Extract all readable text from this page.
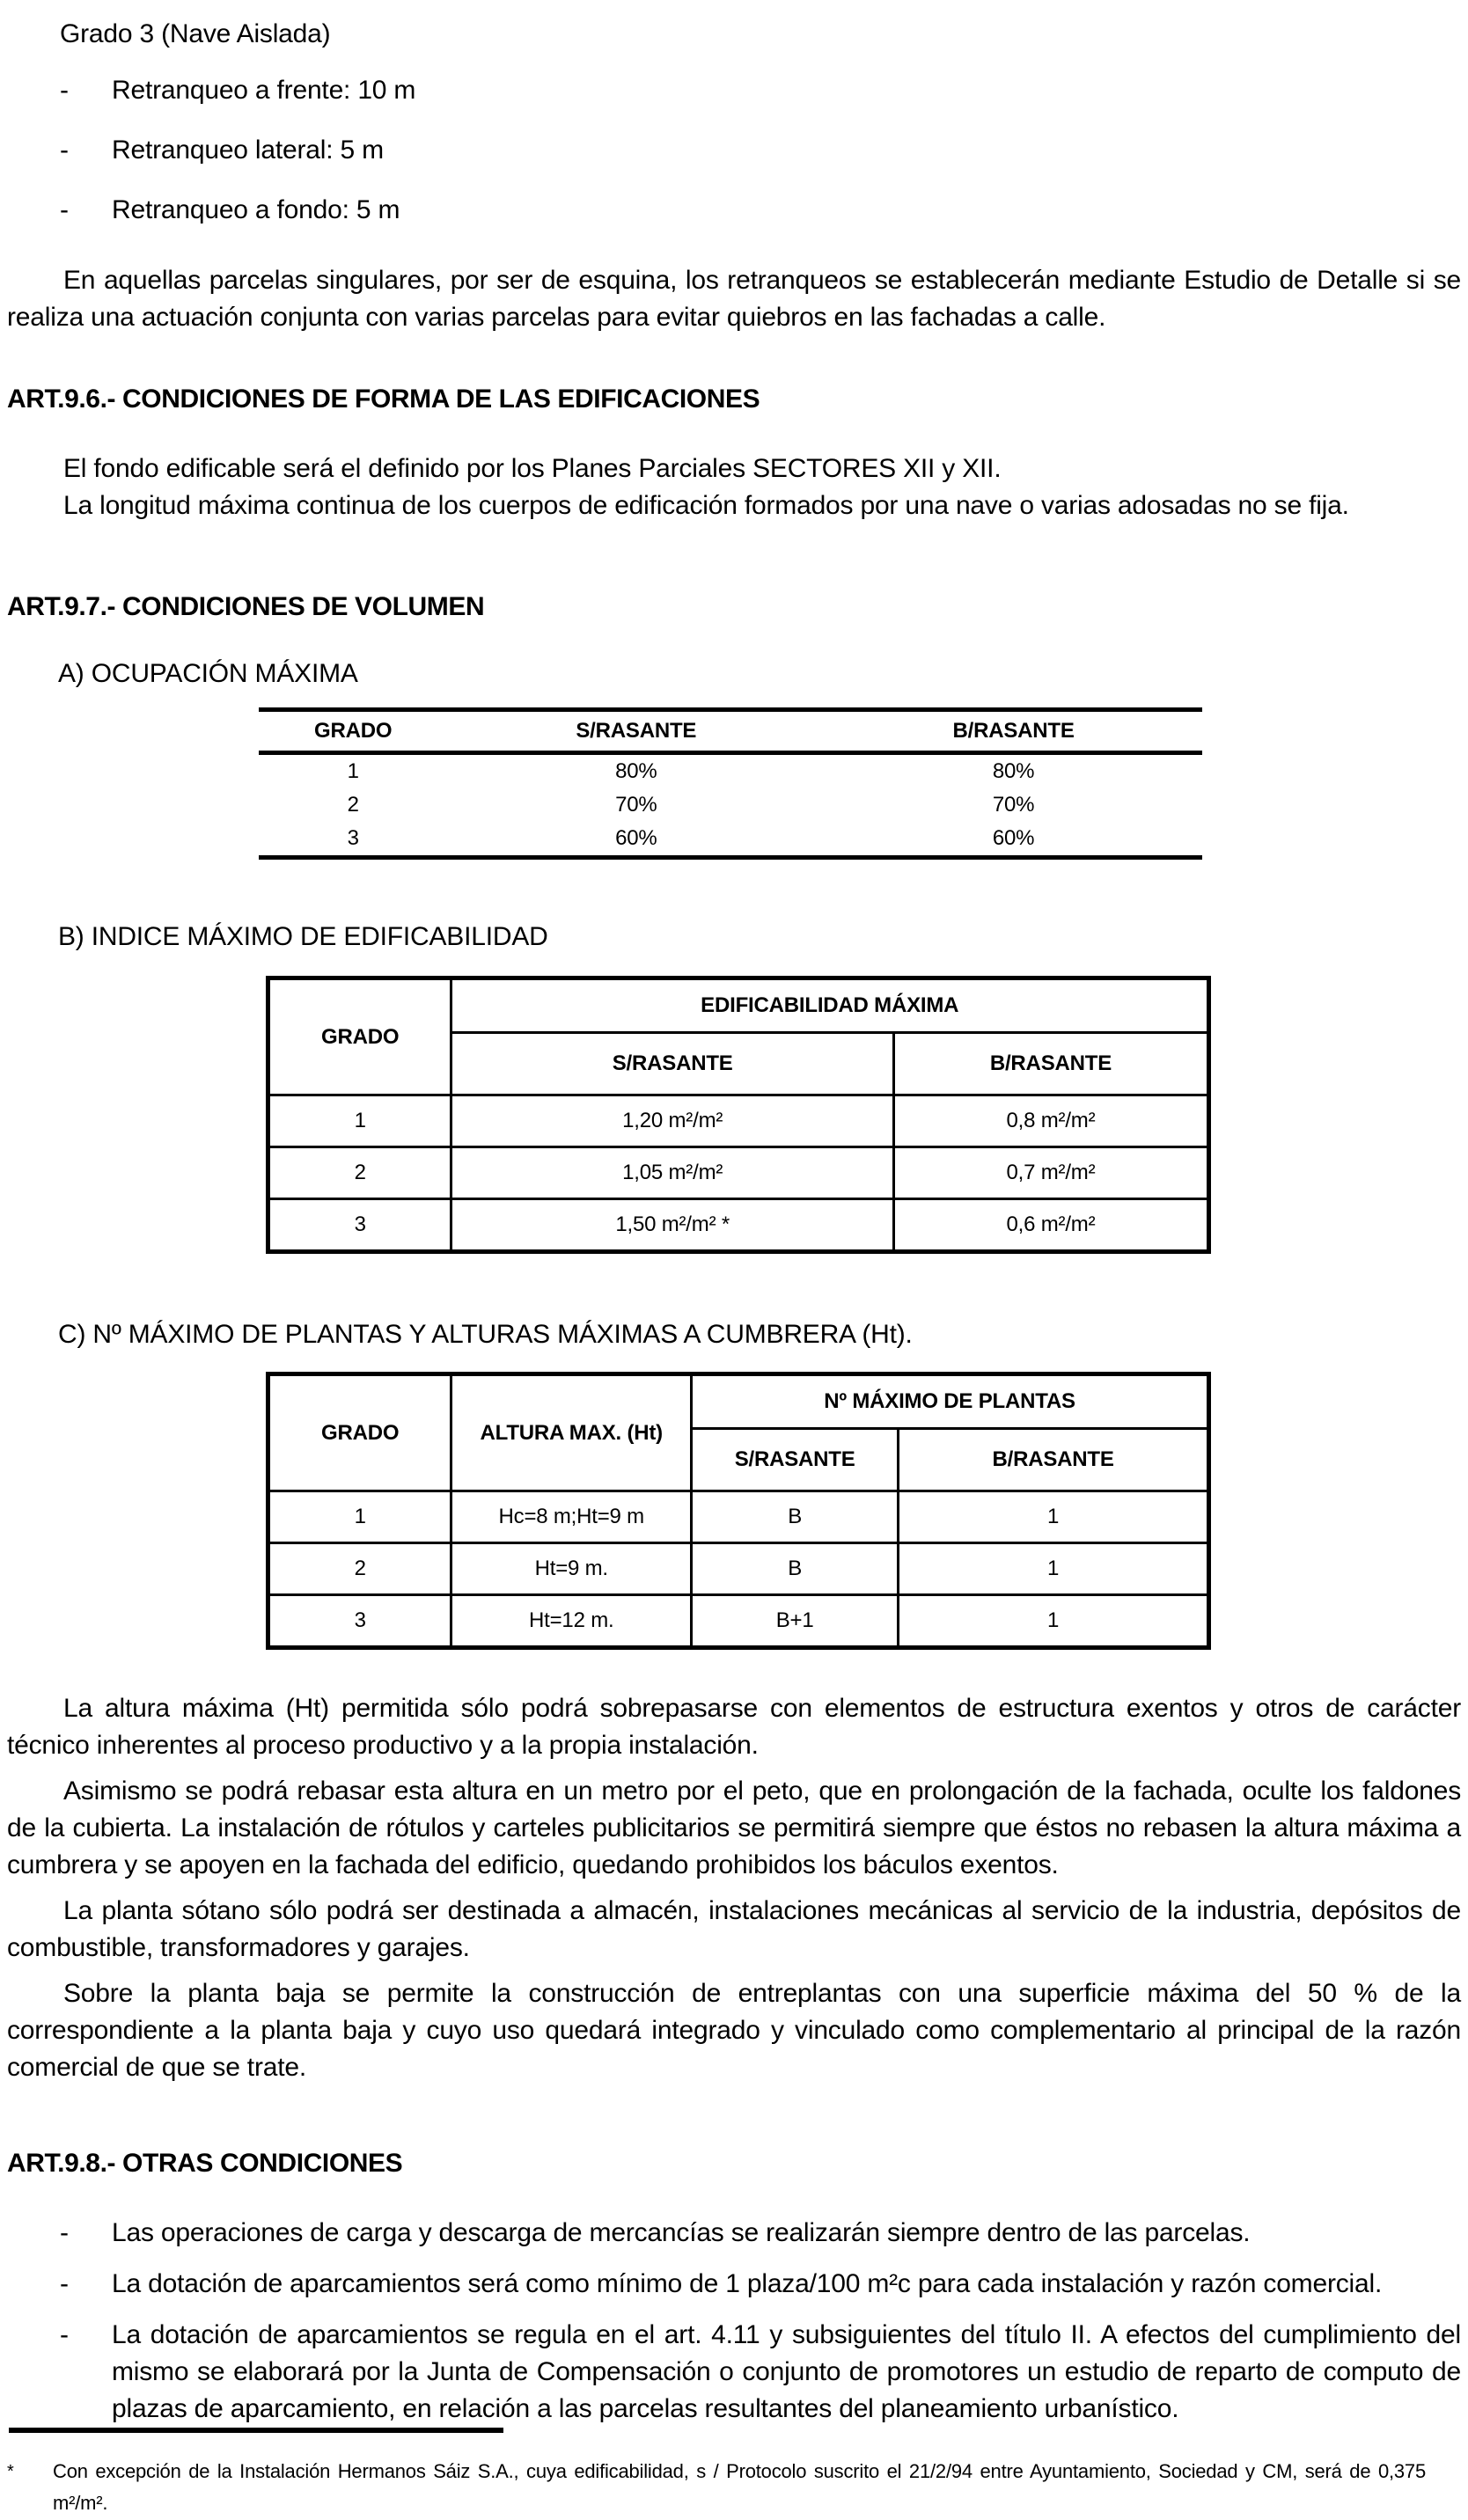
Grado 3 (Nave Aislada)

-	Retranqueo a frente: 10 m
-	Retranqueo lateral: 5 m
-	Retranqueo a fondo: 5 m

En aquellas parcelas singulares, por ser de esquina, los retranqueos se establecerán mediante Estudio de Detalle si se realiza una actuación conjunta con varias parcelas para evitar quiebros en las fachadas a calle.

ART.9.6.- CONDICIONES DE FORMA DE LAS EDIFICACIONES

El fondo edificable será el definido por los Planes Parciales SECTORES XII y XII.

La longitud máxima continua de los cuerpos de edificación formados por una nave o varias adosadas no se fija.

ART.9.7.- CONDICIONES DE VOLUMEN
A) OCUPACIÓN MÁXIMA
GRADO	S/RASANTE	B/RASANTE
1	80%	80%
2	70%	70%
3	60%	60%
B) INDICE MÁXIMO DE EDIFICABILIDAD
GRADO	EDIFICABILIDAD MÁXIMA	
	S/RASANTE	B/RASANTE
1	1,20 m²/m²	0,8 m²/m²
2	1,05 m²/m²	0,7 m²/m²
3	1,50 m²/m² *	0,6 m²/m²
C) Nº MÁXIMO DE PLANTAS Y ALTURAS MÁXIMAS A CUMBRERA (Ht).
GRADO	ALTURA MAX. (Ht)	Nº MÁXIMO DE PLANTAS	
		S/RASANTE	B/RASANTE
1	Hc=8 m;Ht=9 m	B	1
2	Ht=9 m.	B	1
3	Ht=12 m.	B+1	1

La altura máxima (Ht) permitida sólo podrá sobrepasarse con elementos de estructura exentos y otros de carácter técnico inherentes al proceso productivo y a la propia instalación.

Asimismo se podrá rebasar esta altura en un metro por el peto, que en prolongación de la fachada, oculte los faldones de la cubierta. La instalación de rótulos y carteles publicitarios se permitirá siempre que éstos no rebasen la altura máxima a cumbrera y se apoyen en la fachada del edificio, quedando prohibidos los báculos exentos.

La planta sótano sólo podrá ser destinada a almacén, instalaciones mecánicas al servicio de la industria, depósitos de combustible, transformadores y garajes.

Sobre la planta baja se permite la construcción de entreplantas con una superficie máxima del 50 % de la correspondiente a la planta baja y cuyo uso quedará integrado y vinculado como complementario al principal de la razón comercial de que se trate.

ART.9.8.- OTRAS CONDICIONES
-	Las operaciones de carga y descarga de mercancías se realizarán siempre dentro de las parcelas.
-	La dotación de aparcamientos será como mínimo de 1 plaza/100 m²c para cada instalación y razón comercial.
-	La dotación de aparcamientos se regula en el art. 4.11 y subsiguientes del título II. A efectos del cumplimiento del mismo se elaborará por la Junta de Compensación o conjunto de promotores un estudio de reparto de computo de plazas de aparcamiento, en relación a las parcelas resultantes del planeamiento urbanístico.
*	Con excepción de la Instalación Hermanos Sáiz S.A., cuya edificabilidad, s / Protocolo suscrito el 21/2/94 entre Ayuntamiento, Sociedad y CM, será de 0,375 m²/m².
